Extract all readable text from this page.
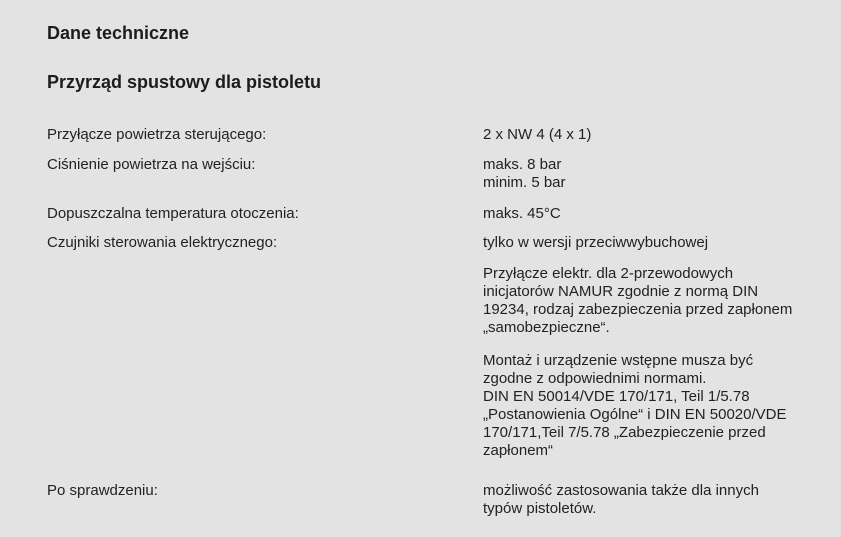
Dane techniczne
Przyrząd spustowy dla pistoletu
Przyłącze powietrza sterującego:	2 x NW 4 (4 x 1)
Ciśnienie powietrza na wejściu:	maks. 8 bar
minim. 5 bar
Dopuszczalna temperatura otoczenia:	maks. 45°C
Czujniki sterowania elektrycznego:	tylko w wersji przeciwwybuchowej
Przyłącze elektr. dla 2-przewodowych
inicjatorów NAMUR zgodnie z normą DIN
19234, rodzaj zabezpieczenia przed zapłonem
„samobezpieczne“.
Montaż i urządzenie wstępne musza być
zgodne z odpowiednimi normami.
DIN EN 50014/VDE 170/171, Teil 1/5.78
„Postanowienia Ogólne“ i DIN EN 50020/VDE
170/171,Teil 7/5.78 „Zabezpieczenie przed
zapłonem“
Po sprawdzeniu:	możliwość zastosowania także dla innych
typów pistoletów.
